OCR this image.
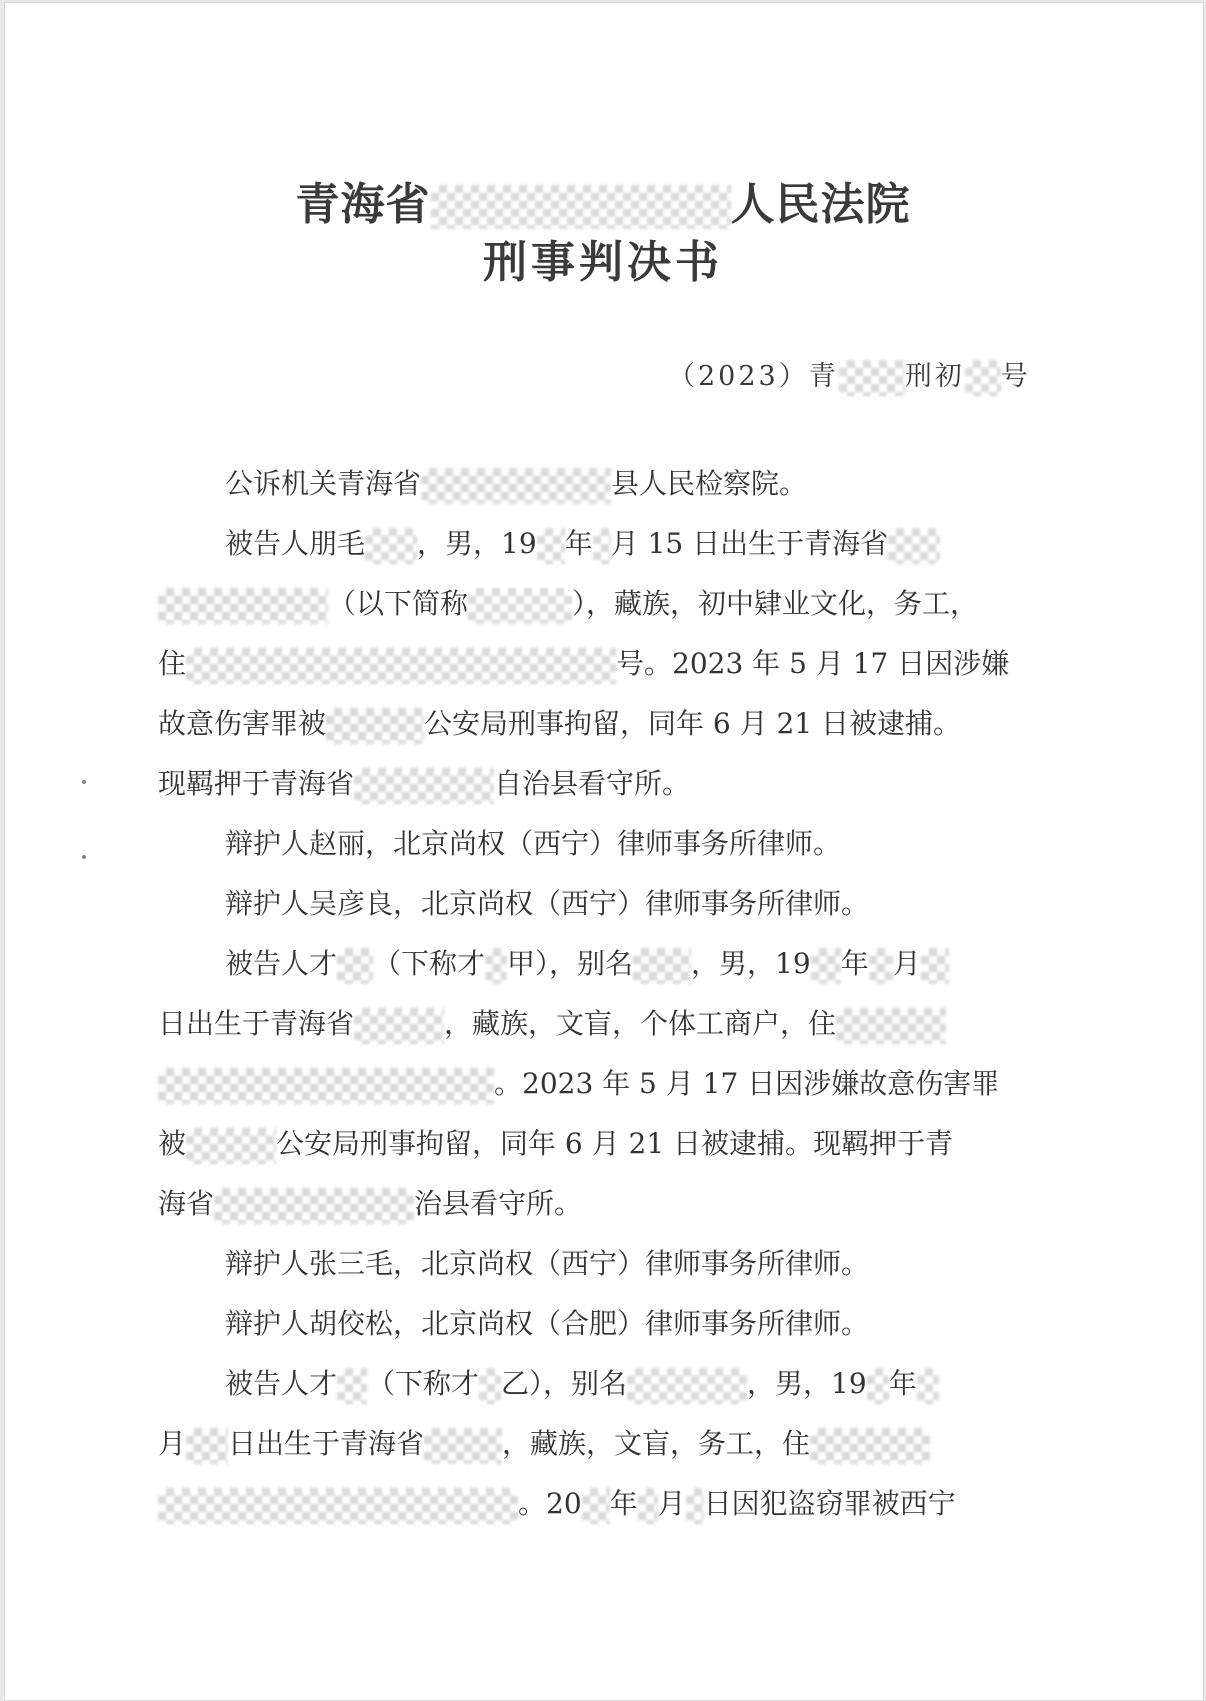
青海省	人民法院
刑事判决书
（2023）青 刑初 号
公诉机关青海省	县人民检察院。
被告人朋毛 ，男，19 年 月 15 日出生于青海省
（以下简称	），藏族，初中肄业文化，务工，
住	号。2023 年 5 月 17 日因涉嫌
故意伤害罪被	公安局刑事拘留，同年 6 月 21 日被逮捕。
现羁押于青海省	自治县看守所。
辩护人赵丽，北京尚权（西宁）律师事务所律师。
辩护人吴彦良，北京尚权（西宁）律师事务所律师。
被告人才 （下称才 甲），别名 ，男，19 年 月
日出生于青海省	，藏族，文盲，个体工商户，住
。2023 年 5 月 17 日因涉嫌故意伤害罪
被	公安局刑事拘留，同年 6 月 21 日被逮捕。现羁押于青
海省	治县看守所。
辩护人张三毛，北京尚权（西宁）律师事务所律师。
辩护人胡佼松，北京尚权（合肥）律师事务所律师。
被告人才 （下称才 乙），别名	，男，19 年
月 日出生于青海省	，藏族，文盲，务工，住
。20 年 月 日因犯盗窃罪被西宁
